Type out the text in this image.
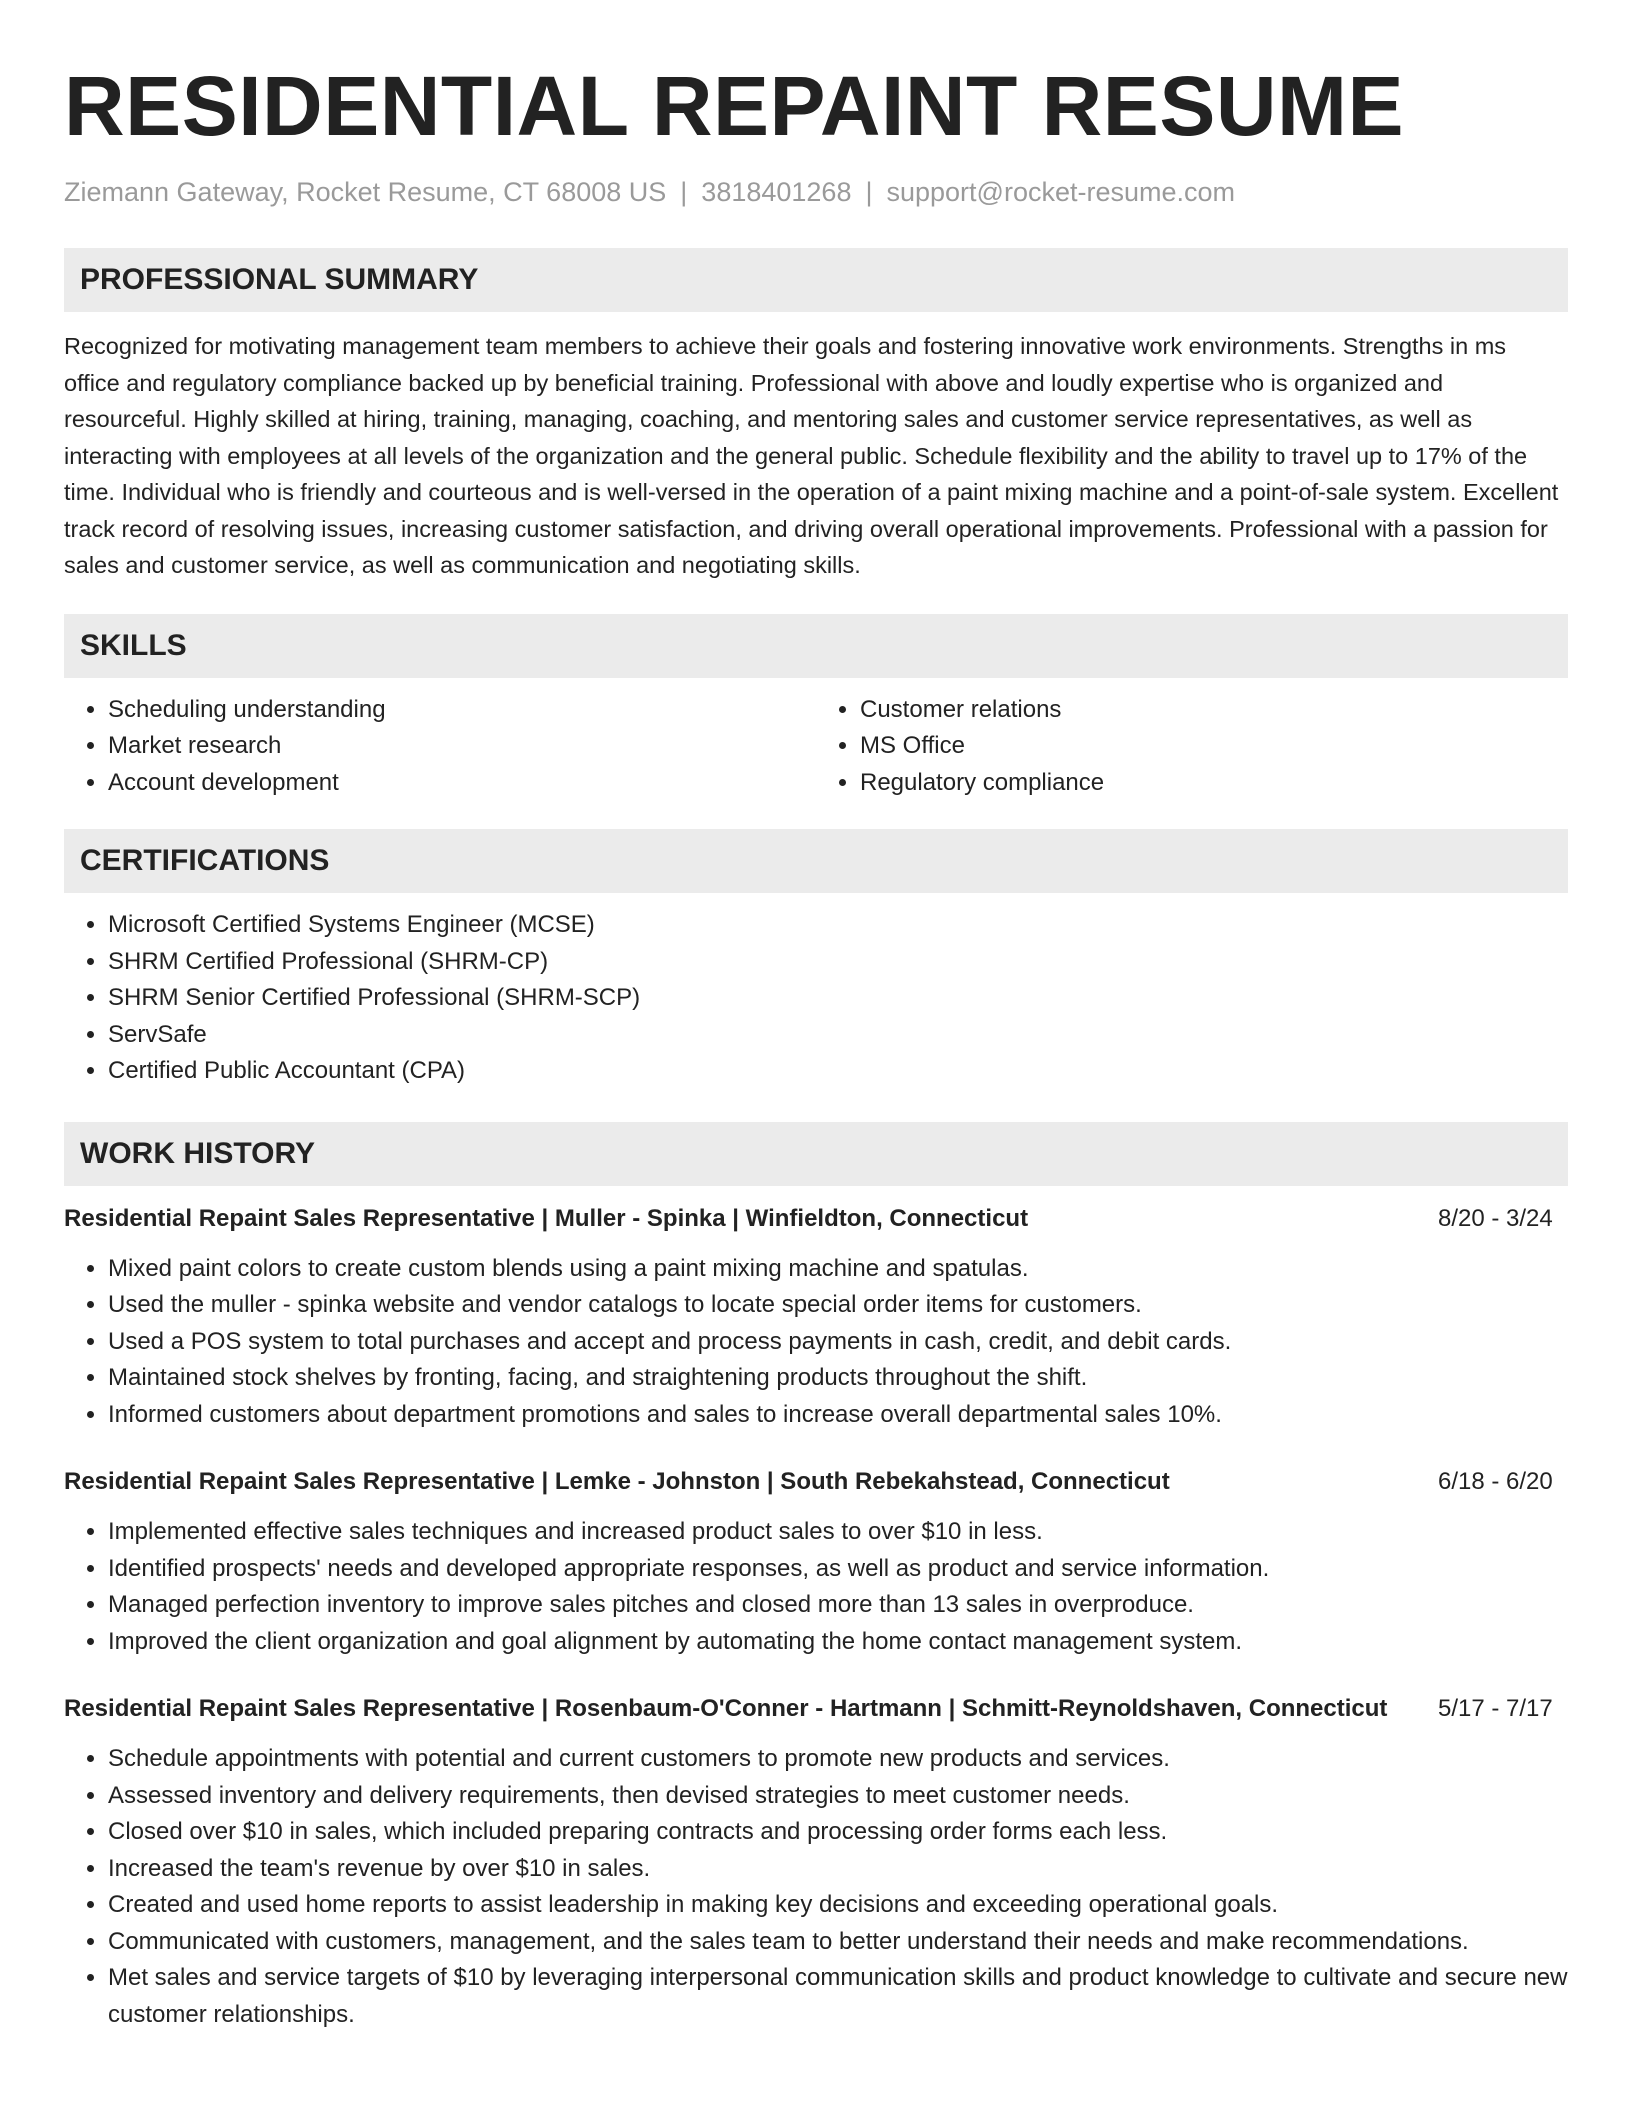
RESIDENTIAL REPAINT RESUME
Ziemann Gateway, Rocket Resume, CT 68008 US | 3818401268 | support@rocket-resume.com
PROFESSIONAL SUMMARY
Recognized for motivating management team members to achieve their goals and fostering innovative work environments. Strengths in ms office and regulatory compliance backed up by beneficial training. Professional with above and loudly expertise who is organized and resourceful. Highly skilled at hiring, training, managing, coaching, and mentoring sales and customer service representatives, as well as interacting with employees at all levels of the organization and the general public. Schedule flexibility and the ability to travel up to 17% of the time. Individual who is friendly and courteous and is well-versed in the operation of a paint mixing machine and a point-of-sale system. Excellent track record of resolving issues, increasing customer satisfaction, and driving overall operational improvements. Professional with a passion for sales and customer service, as well as communication and negotiating skills.
SKILLS
• Scheduling understanding
• Market research
• Account development
• Customer relations
• MS Office
• Regulatory compliance
CERTIFICATIONS
• Microsoft Certified Systems Engineer (MCSE)
• SHRM Certified Professional (SHRM-CP)
• SHRM Senior Certified Professional (SHRM-SCP)
• ServSafe
• Certified Public Accountant (CPA)
WORK HISTORY
Residential Repaint Sales Representative | Muller - Spinka | Winfieldton, Connecticut	8/20 - 3/24
• Mixed paint colors to create custom blends using a paint mixing machine and spatulas.
• Used the muller - spinka website and vendor catalogs to locate special order items for customers.
• Used a POS system to total purchases and accept and process payments in cash, credit, and debit cards.
• Maintained stock shelves by fronting, facing, and straightening products throughout the shift.
• Informed customers about department promotions and sales to increase overall departmental sales 10%.
Residential Repaint Sales Representative | Lemke - Johnston | South Rebekahstead, Connecticut	6/18 - 6/20
• Implemented effective sales techniques and increased product sales to over $10 in less.
• Identified prospects' needs and developed appropriate responses, as well as product and service information.
• Managed perfection inventory to improve sales pitches and closed more than 13 sales in overproduce.
• Improved the client organization and goal alignment by automating the home contact management system.
Residential Repaint Sales Representative | Rosenbaum-O'Conner - Hartmann | Schmitt-Reynoldshaven, Connecticut	5/17 - 7/17
• Schedule appointments with potential and current customers to promote new products and services.
• Assessed inventory and delivery requirements, then devised strategies to meet customer needs.
• Closed over $10 in sales, which included preparing contracts and processing order forms each less.
• Increased the team's revenue by over $10 in sales.
• Created and used home reports to assist leadership in making key decisions and exceeding operational goals.
• Communicated with customers, management, and the sales team to better understand their needs and make recommendations.
• Met sales and service targets of $10 by leveraging interpersonal communication skills and product knowledge to cultivate and secure new customer relationships.
